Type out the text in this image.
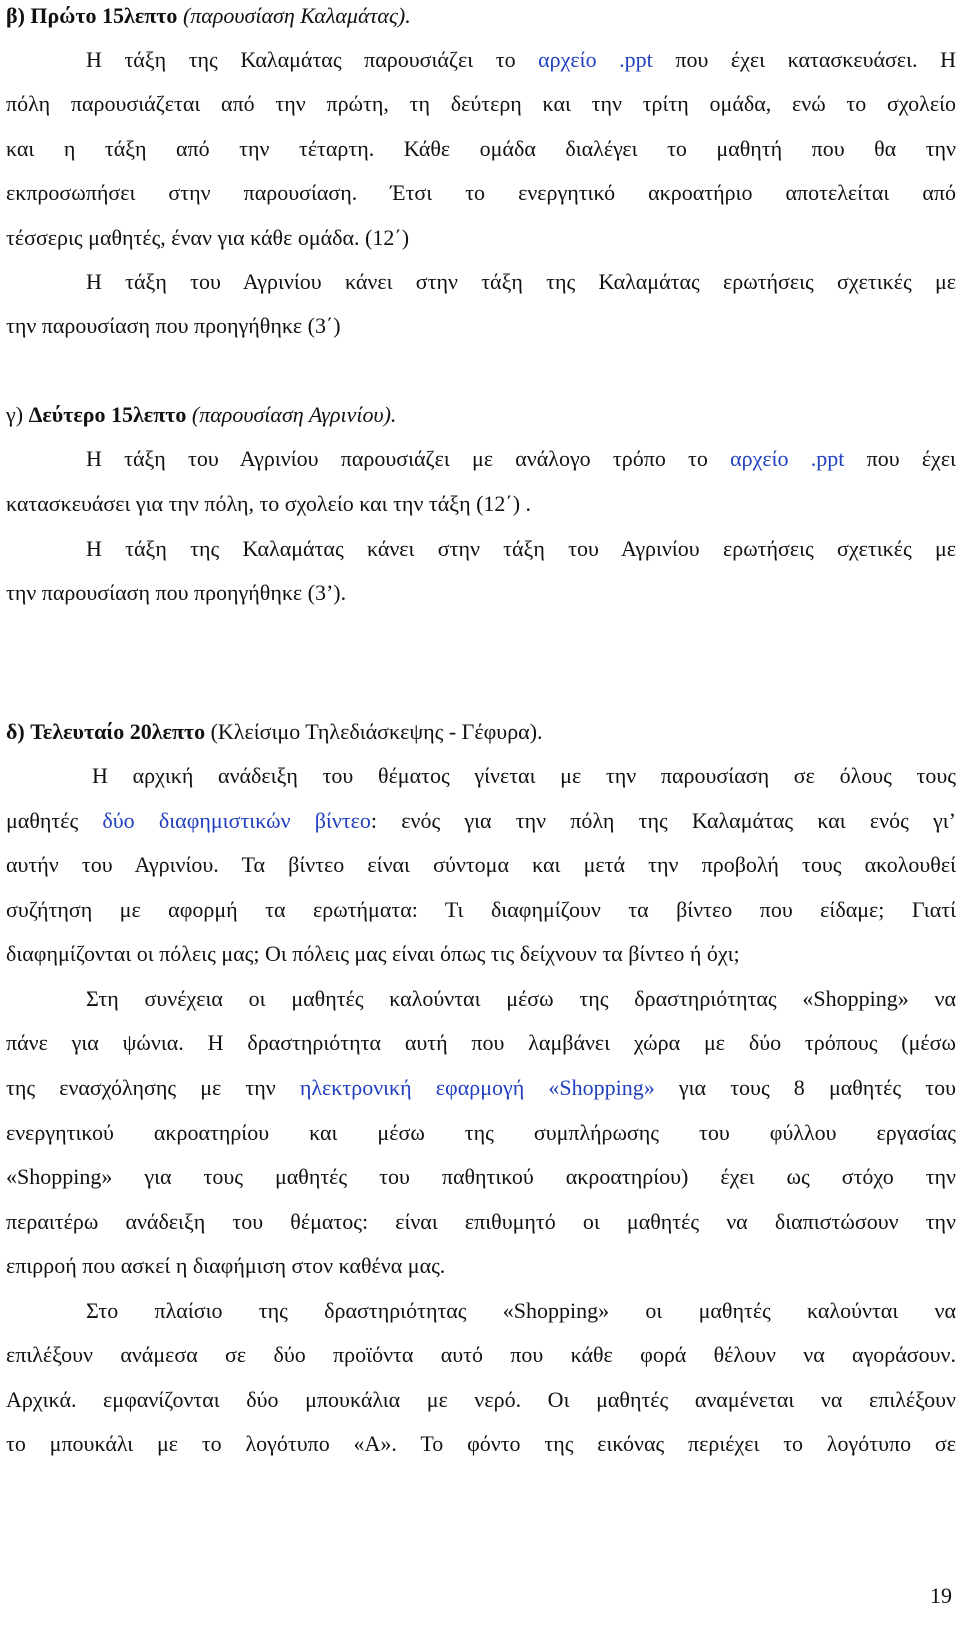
β) Πρώτο 15λεπτο (παρουσίαση Καλαμάτας).
Η τάξη της Καλαμάτας παρουσιάζει το αρχείο .ppt που έχει κατασκευάσει. Η
πόλη παρουσιάζεται από την πρώτη, τη δεύτερη και την τρίτη ομάδα, ενώ το σχολείο
και η τάξη από την τέταρτη. Κάθε ομάδα διαλέγει το μαθητή που θα την
εκπροσωπήσει στην παρουσίαση. Έτσι το ενεργητικό ακροατήριο αποτελείται από
τέσσερις μαθητές, έναν για κάθε ομάδα. (12΄)
Η τάξη του Αγρινίου κάνει στην τάξη της Καλαμάτας ερωτήσεις σχετικές με
την παρουσίαση που προηγήθηκε (3΄)
γ) Δεύτερο 15λεπτο (παρουσίαση Αγρινίου).
Η τάξη του Αγρινίου παρουσιάζει με ανάλογο τρόπο το αρχείο .ppt που έχει
κατασκευάσει για την πόλη, το σχολείο και την τάξη (12΄) .
Η τάξη της Καλαμάτας κάνει στην τάξη του Αγρινίου ερωτήσεις σχετικές με
την παρουσίαση που προηγήθηκε (3’).
δ) Τελευταίο 20λεπτο (Κλείσιμο Τηλεδιάσκεψης - Γέφυρα).
Η αρχική ανάδειξη του θέματος γίνεται με την παρουσίαση σε όλους τους
μαθητές δύο διαφημιστικών βίντεο: ενός για την πόλη της Καλαμάτας και ενός γι’
αυτήν του Αγρινίου. Τα βίντεο είναι σύντομα και μετά την προβολή τους ακολουθεί
συζήτηση με αφορμή τα ερωτήματα: Τι διαφημίζουν τα βίντεο που είδαμε; Γιατί
διαφημίζονται οι πόλεις μας; Οι πόλεις μας είναι όπως τις δείχνουν τα βίντεο ή όχι;
Στη συνέχεια οι μαθητές καλούνται μέσω της δραστηριότητας «Shopping» να
πάνε για ψώνια. Η δραστηριότητα αυτή που λαμβάνει χώρα με δύο τρόπους (μέσω
της ενασχόλησης με την ηλεκτρονική εφαρμογή «Shopping» για τους 8 μαθητές του
ενεργητικού ακροατηρίου και μέσω της συμπλήρωσης του φύλλου εργασίας
«Shopping» για τους μαθητές του παθητικού ακροατηρίου) έχει ως στόχο την
περαιτέρω ανάδειξη του θέματος: είναι επιθυμητό οι μαθητές να διαπιστώσουν την
επιρροή που ασκεί η διαφήμιση στον καθένα μας.
Στο πλαίσιο της δραστηριότητας «Shopping» οι μαθητές καλούνται να
επιλέξουν ανάμεσα σε δύο προϊόντα αυτό που κάθε φορά θέλουν να αγοράσουν.
Αρχικά. εμφανίζονται δύο μπουκάλια με νερό. Οι μαθητές αναμένεται να επιλέξουν
το μπουκάλι με το λογότυπο «Α». Το φόντο της εικόνας περιέχει το λογότυπο σε
19
